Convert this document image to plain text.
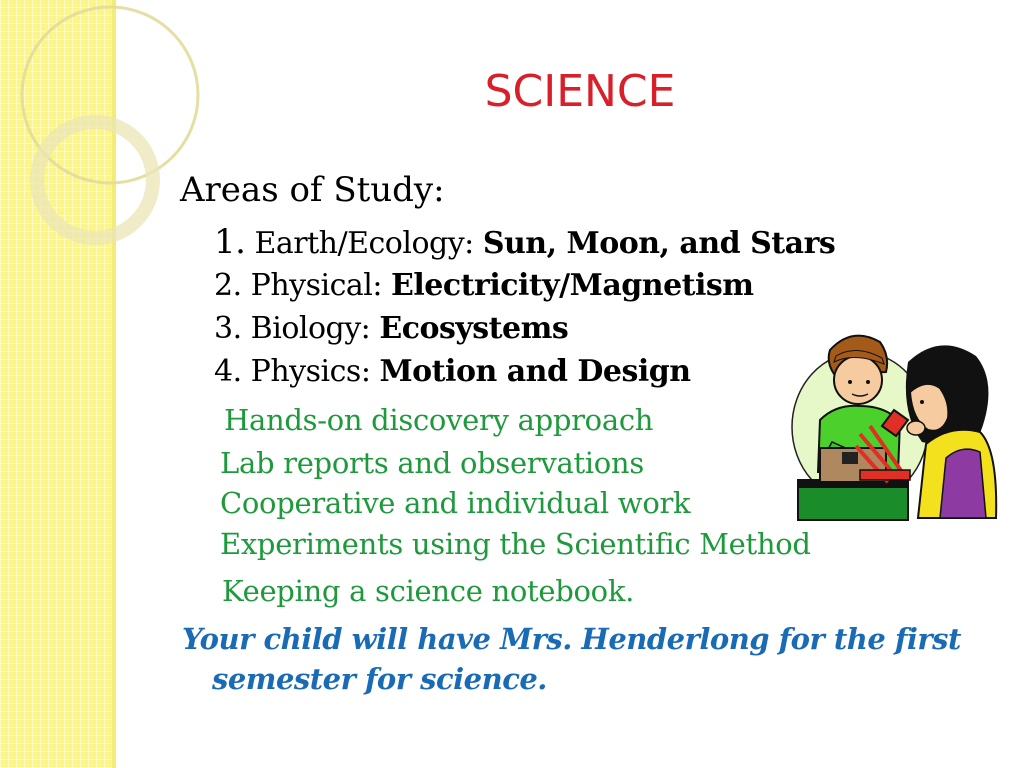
SCIENCE
Areas of Study:
1. Earth/Ecology: Sun, Moon, and Stars
2. Physical: Electricity/Magnetism
3. Biology: Ecosystems
4. Physics: Motion and Design
Hands-on discovery approach
Lab reports and observations
Cooperative and individual work
Experiments using the Scientific Method
Keeping a science notebook.
Your child will have Mrs. Henderlong for the first
semester for science.
